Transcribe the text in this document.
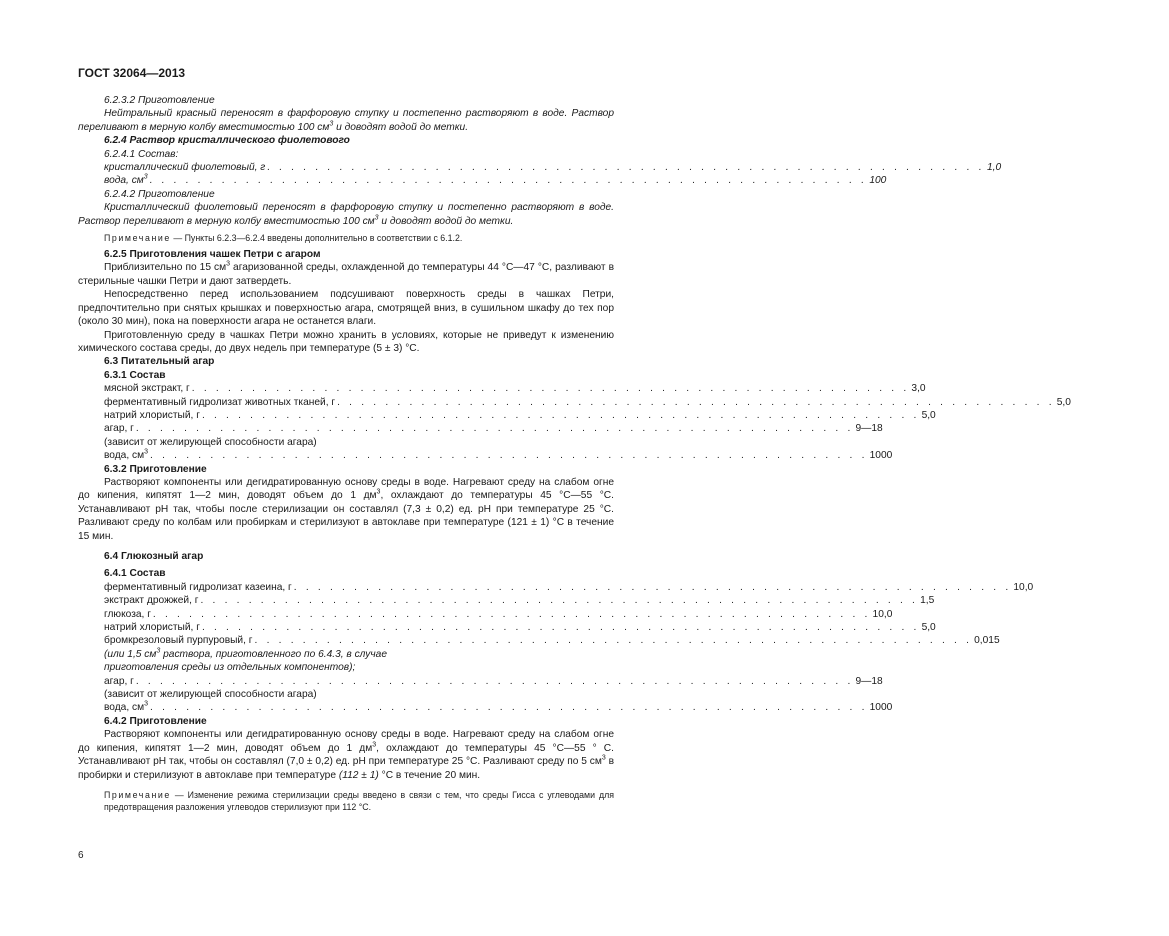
ГОСТ 32064—2013

6.2.3.2 Приготовление

Нейтральный красный переносят в фарфоровую ступку и постепенно растворяют в воде. Раствор переливают в мерную колбу вместимостью 100 $см^3$ и доводят водой до метки.

6.2.4 Раствор кристаллического фиолетового

6.2.4.1 Состав:

кристаллический фиолетовый, г . . . . . . . . . . . . . . . . . . . . . . . . . . . . . . . . . . . . . . . . . . . . . . . . . . . . . . . . . . . . 1,0
вода, $см^3$ . . . . . . . . . . . . . . . . . . . . . . . . . . . . . . . . . . . . . . . . . . . . . . . . . . . . . . . . . . . . 100

6.2.4.2 Приготовление

Кристаллический фиолетовый переносят в фарфоровую ступку и постепенно растворяют в воде. Раствор переливают в мерную колбу вместимостью 100 $см^3$ и доводят водой до метки.

Примечание — Пункты 6.2.3—6.2.4 введены дополнительно в соответствии с 6.1.2.

6.2.5 Приготовления чашек Петри с агаром

Приблизительно по 15 $см^3$ агаризованной среды, охлажденной до температуры 44 °С—47 °С, разливают в стерильные чашки Петри и дают затвердеть.

Непосредственно перед использованием подсушивают поверхность среды в чашках Петри, предпочтительно при снятых крышках и поверхностью агара, смотрящей вниз, в сушильном шкафу до тех пор (около 30 мин), пока на поверхности агара не останется влаги.

Приготовленную среду в чашках Петри можно хранить в условиях, которые не приведут к изменению химического состава среды, до двух недель при температуре (5 ± 3) °С.

6.3 Питательный агар

6.3.1 Состав

мясной экстракт, г . . . . . . . . . . . . . . . . . . . . . . . . . . . . . . . . . . . . . . . . . . . . . . . . . . . . . . . . . . . . 3,0
ферментативный гидролизат животных тканей, г . . . . . . . . . . . . . . . . . . . . . . . . . . . . . . . . . . . . . . . . . . . . . . . . . . . . . . . . . . . . 5,0
натрий хлористый, г . . . . . . . . . . . . . . . . . . . . . . . . . . . . . . . . . . . . . . . . . . . . . . . . . . . . . . . . . . . . 5,0
агар, г . . . . . . . . . . . . . . . . . . . . . . . . . . . . . . . . . . . . . . . . . . . . . . . . . . . . . . . . . . . . 9—18

(зависит от желирующей способности агара)

вода, $см^3$ . . . . . . . . . . . . . . . . . . . . . . . . . . . . . . . . . . . . . . . . . . . . . . . . . . . . . . . . . . . . 1000

6.3.2 Приготовление

Растворяют компоненты или дегидратированную основу среды в воде. Нагревают среду на слабом огне до кипения, кипятят 1—2 мин, доводят объем до 1 $дм^3$, охлаждают до температуры 45 °С—55 °С. Устанавливают pH так, чтобы после стерилизации он составлял (7,3 ± 0,2) ед. pH при температуре 25 °С. Разливают среду по колбам или пробиркам и стерилизуют в автоклаве при температуре (121 ± 1) °С в течение 15 мин.

6.4 Глюкозный агар

6.4.1 Состав

ферментативный гидролизат казеина, г . . . . . . . . . . . . . . . . . . . . . . . . . . . . . . . . . . . . . . . . . . . . . . . . . . . . . . . . . . . . 10,0
экстракт дрожжей, г . . . . . . . . . . . . . . . . . . . . . . . . . . . . . . . . . . . . . . . . . . . . . . . . . . . . . . . . . . . . 1,5
глюкоза, г . . . . . . . . . . . . . . . . . . . . . . . . . . . . . . . . . . . . . . . . . . . . . . . . . . . . . . . . . . . . 10,0
натрий хлористый, г . . . . . . . . . . . . . . . . . . . . . . . . . . . . . . . . . . . . . . . . . . . . . . . . . . . . . . . . . . . . 5,0
бромкрезоловый пурпуровый, г . . . . . . . . . . . . . . . . . . . . . . . . . . . . . . . . . . . . . . . . . . . . . . . . . . . . . . . . . . . . 0,015

(или 1,5 $см^3$ раствора, приготовленного по 6.4.3, в случае
приготовления среды из отдельных компонентов);

агар, г . . . . . . . . . . . . . . . . . . . . . . . . . . . . . . . . . . . . . . . . . . . . . . . . . . . . . . . . . . . . 9—18

(зависит от желирующей способности агара)

вода, $см^3$ . . . . . . . . . . . . . . . . . . . . . . . . . . . . . . . . . . . . . . . . . . . . . . . . . . . . . . . . . . . . 1000

6.4.2 Приготовление

Растворяют компоненты или дегидратированную основу среды в воде. Нагревают среду на слабом огне до кипения, кипятят 1—2 мин, доводят объем до 1 $дм^3$, охлаждают до температуры 45 °С—55 ° С. Устанавливают pH так, чтобы он составлял (7,0 ± 0,2) ед. pH при температуре 25 °С. Разливают среду по 5 $см^3$ в пробирки и стерилизуют в автоклаве при температуре (112 ± 1) °С в течение 20 мин.

Примечание — Изменение режима стерилизации среды введено в связи с тем, что среды Гисса с углеводами для предотвращения разложения углеводов стерилизуют при 112 °С.

6
